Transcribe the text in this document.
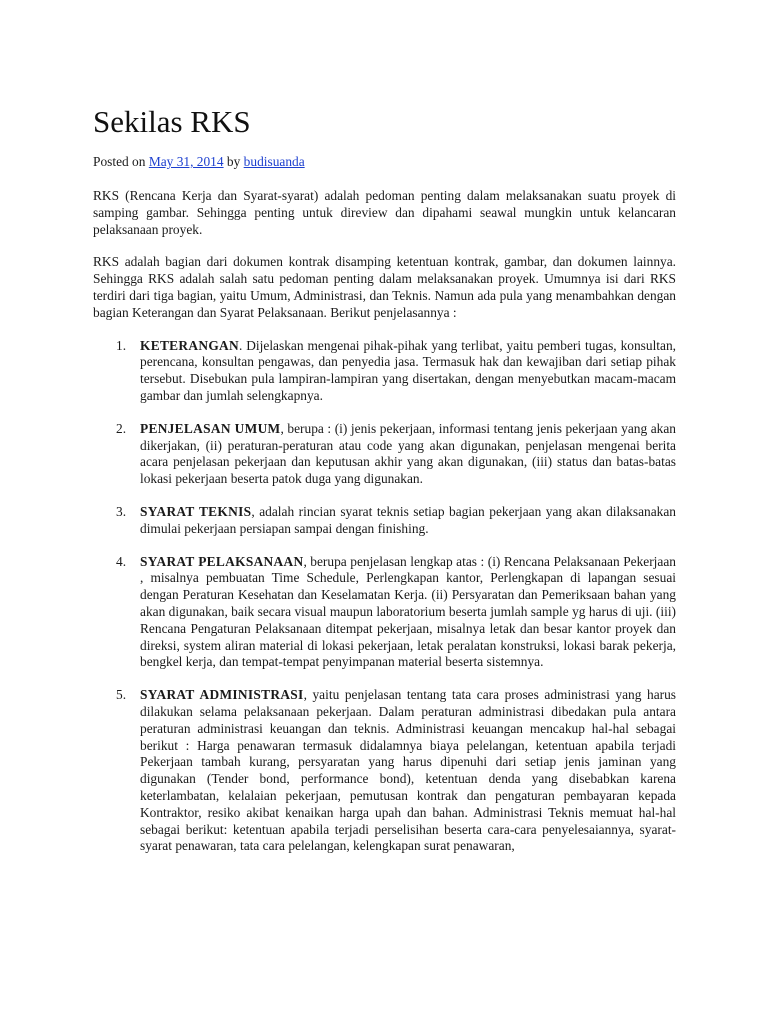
Sekilas RKS
Posted on May 31, 2014 by budisuanda

RKS (Rencana Kerja dan Syarat-syarat) adalah pedoman penting dalam melaksanakan suatu proyek di samping gambar. Sehingga penting untuk direview dan dipahami seawal mungkin untuk kelancaran pelaksanaan proyek.

RKS adalah bagian dari dokumen kontrak disamping ketentuan kontrak, gambar, dan dokumen lainnya. Sehingga RKS adalah salah satu pedoman penting dalam melaksanakan proyek. Umumnya isi dari RKS terdiri dari tiga bagian, yaitu Umum, Administrasi, dan Teknis. Namun ada pula yang menambahkan dengan bagian Keterangan dan Syarat Pelaksanaan. Berikut penjelasannya :

1. KETERANGAN. Dijelaskan mengenai pihak-pihak yang terlibat, yaitu pemberi tugas, konsultan, perencana, konsultan pengawas, dan penyedia jasa. Termasuk hak dan kewajiban dari setiap pihak tersebut. Disebukan pula lampiran-lampiran yang disertakan, dengan menyebutkan macam-macam gambar dan jumlah selengkapnya.
2. PENJELASAN UMUM, berupa : (i) jenis pekerjaan, informasi tentang jenis pekerjaan yang akan dikerjakan, (ii) peraturan-peraturan atau code yang akan digunakan, penjelasan mengenai berita acara penjelasan pekerjaan dan keputusan akhir yang akan digunakan, (iii) status dan batas-batas lokasi pekerjaan beserta patok duga yang digunakan.
3. SYARAT TEKNIS, adalah rincian syarat teknis setiap bagian pekerjaan yang akan dilaksanakan dimulai pekerjaan persiapan sampai dengan finishing.
4. SYARAT PELAKSANAAN, berupa penjelasan lengkap atas : (i) Rencana Pelaksanaan Pekerjaan , misalnya pembuatan Time Schedule, Perlengkapan kantor, Perlengkapan di lapangan sesuai dengan Peraturan Kesehatan dan Keselamatan Kerja. (ii) Persyaratan dan Pemeriksaan bahan yang akan digunakan, baik secara visual maupun laboratorium beserta jumlah sample yg harus di uji. (iii) Rencana Pengaturan Pelaksanaan ditempat pekerjaan, misalnya letak dan besar kantor proyek dan direksi, system aliran material di lokasi pekerjaan, letak peralatan konstruksi, lokasi barak pekerja, bengkel kerja, dan tempat-tempat penyimpanan material beserta sistemnya.
5. SYARAT ADMINISTRASI, yaitu penjelasan tentang tata cara proses administrasi yang harus dilakukan selama pelaksanaan pekerjaan. Dalam peraturan administrasi dibedakan pula antara peraturan administrasi keuangan dan teknis. Administrasi keuangan mencakup hal-hal sebagai berikut : Harga penawaran termasuk didalamnya biaya pelelangan, ketentuan apabila terjadi Pekerjaan tambah kurang, persyaratan yang harus dipenuhi dari setiap jenis jaminan yang digunakan (Tender bond, performance bond), ketentuan denda yang disebabkan karena keterlambatan, kelalaian pekerjaan, pemutusan kontrak dan pengaturan pembayaran kepada Kontraktor, resiko akibat kenaikan harga upah dan bahan. Administrasi Teknis memuat hal-hal sebagai berikut: ketentuan apabila terjadi perselisihan beserta cara-cara penyelesaiannya, syarat-syarat penawaran, tata cara pelelangan, kelengkapan surat penawaran,
